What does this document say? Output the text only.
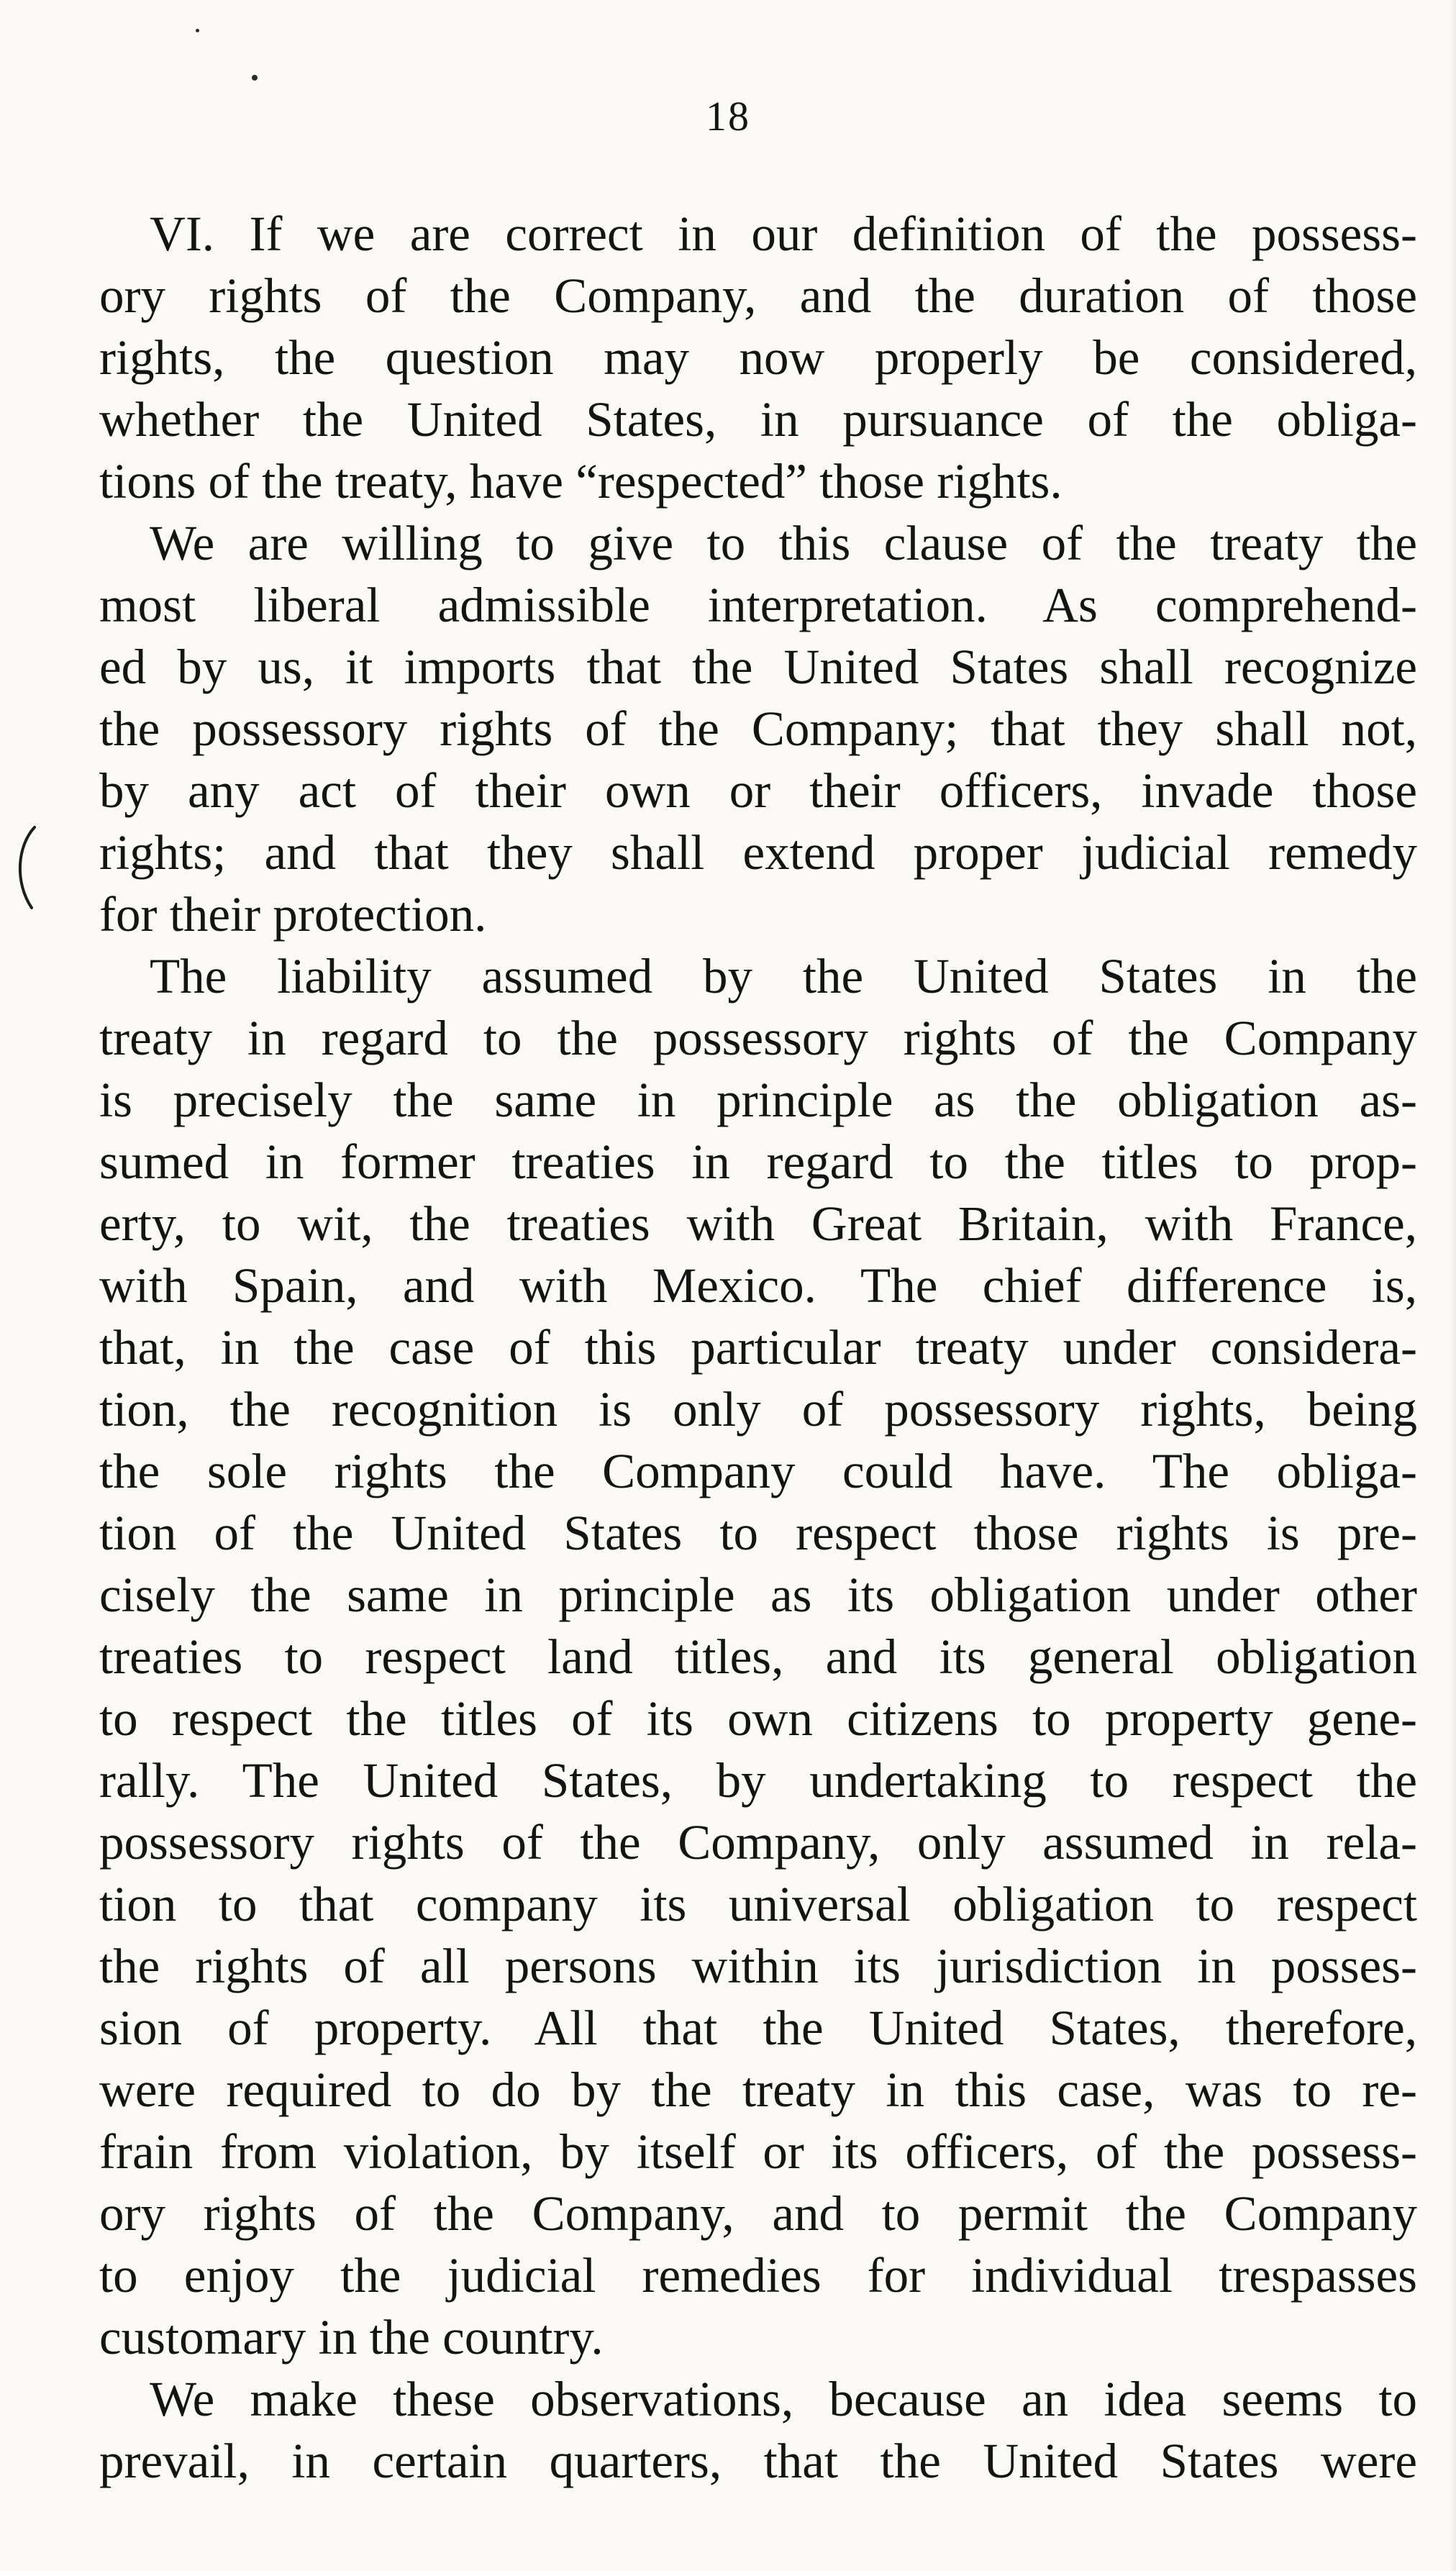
18
VI. If we are correct in our definition of the possess-
ory rights of the Company, and the duration of those
rights, the question may now properly be considered,
whether the United States, in pursuance of the obliga-
tions of the treaty, have “respected” those rights.
We are willing to give to this clause of the treaty the
most liberal admissible interpretation. As comprehend-
ed by us, it imports that the United States shall recognize
the possessory rights of the Company; that they shall not,
by any act of their own or their officers, invade those
rights; and that they shall extend proper judicial remedy
for their protection.
The liability assumed by the United States in the
treaty in regard to the possessory rights of the Company
is precisely the same in principle as the obligation as-
sumed in former treaties in regard to the titles to prop-
erty, to wit, the treaties with Great Britain, with France,
with Spain, and with Mexico. The chief difference is,
that, in the case of this particular treaty under considera-
tion, the recognition is only of possessory rights, being
the sole rights the Company could have. The obliga-
tion of the United States to respect those rights is pre-
cisely the same in principle as its obligation under other
treaties to respect land titles, and its general obligation
to respect the titles of its own citizens to property gene-
rally. The United States, by undertaking to respect the
possessory rights of the Company, only assumed in rela-
tion to that company its universal obligation to respect
the rights of all persons within its jurisdiction in posses-
sion of property. All that the United States, therefore,
were required to do by the treaty in this case, was to re-
frain from violation, by itself or its officers, of the possess-
ory rights of the Company, and to permit the Company
to enjoy the judicial remedies for individual trespasses
customary in the country.
We make these observations, because an idea seems to
prevail, in certain quarters, that the United States were
